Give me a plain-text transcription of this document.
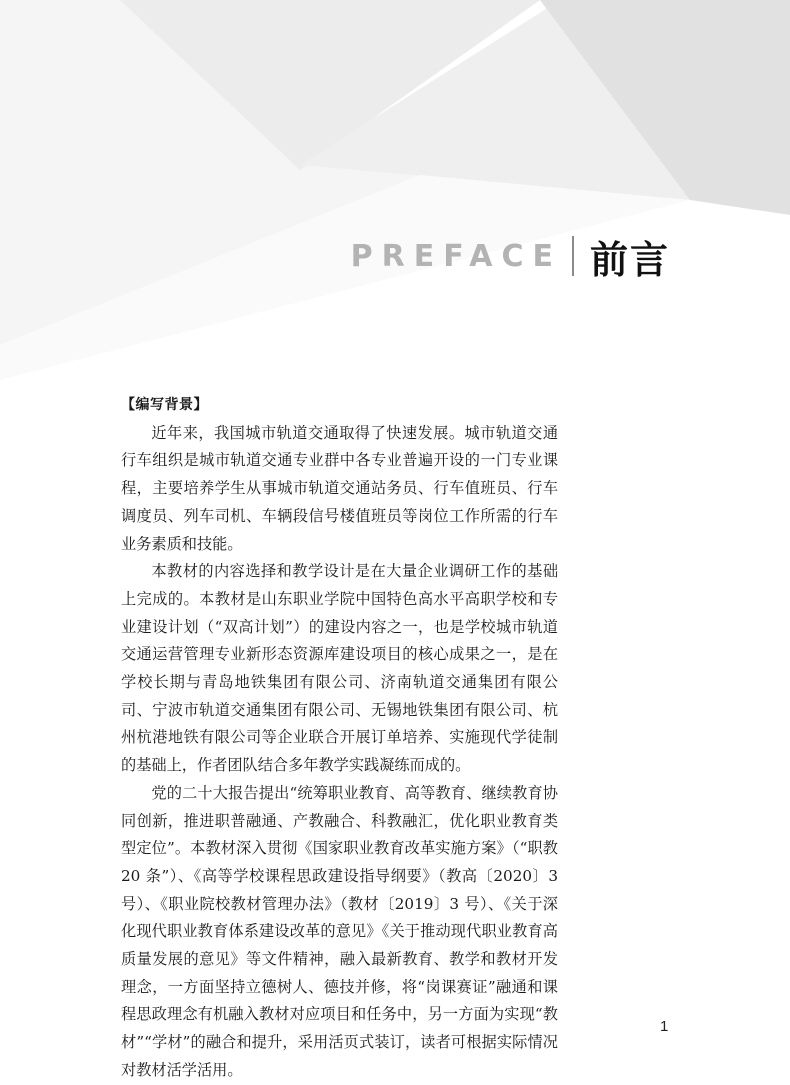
PREFACE 前言

【编写背景】

近年来，我国城市轨道交通取得了快速发展。城市轨道交通行车组织是城市轨道交通专业群中各专业普遍开设的一门专业课程，主要培养学生从事城市轨道交通站务员、行车值班员、行车调度员、列车司机、车辆段信号楼值班员等岗位工作所需的行车业务素质和技能。

本教材的内容选择和教学设计是在大量企业调研工作的基础上完成的。本教材是山东职业学院中国特色高水平高职学校和专业建设计划（“双高计划”）的建设内容之一，也是学校城市轨道交通运营管理专业新形态资源库建设项目的核心成果之一，是在学校长期与青岛地铁集团有限公司、济南轨道交通集团有限公司、宁波市轨道交通集团有限公司、无锡地铁集团有限公司、杭州杭港地铁有限公司等企业联合开展订单培养、实施现代学徒制的基础上，作者团队结合多年教学实践凝练而成的。

党的二十大报告提出“统筹职业教育、高等教育、继续教育协同创新，推进职普融通、产教融合、科教融汇，优化职业教育类型定位”。本教材深入贯彻《国家职业教育改革实施方案》（“职教 20 条”）、《高等学校课程思政建设指导纲要》（教高〔2020〕3 号）、《职业院校教材管理办法》（教材〔2019〕3 号）、《关于深化现代职业教育体系建设改革的意见》《关于推动现代职业教育高质量发展的意见》等文件精神，融入最新教育、教学和教材开发理念，一方面坚持立德树人、德技并修，将“岗课赛证”融通和课程思政理念有机融入教材对应项目和任务中，另一方面为实现“教材”“学材”的融合和提升，采用活页式装订，读者可根据实际情况对教材活学活用。

1
